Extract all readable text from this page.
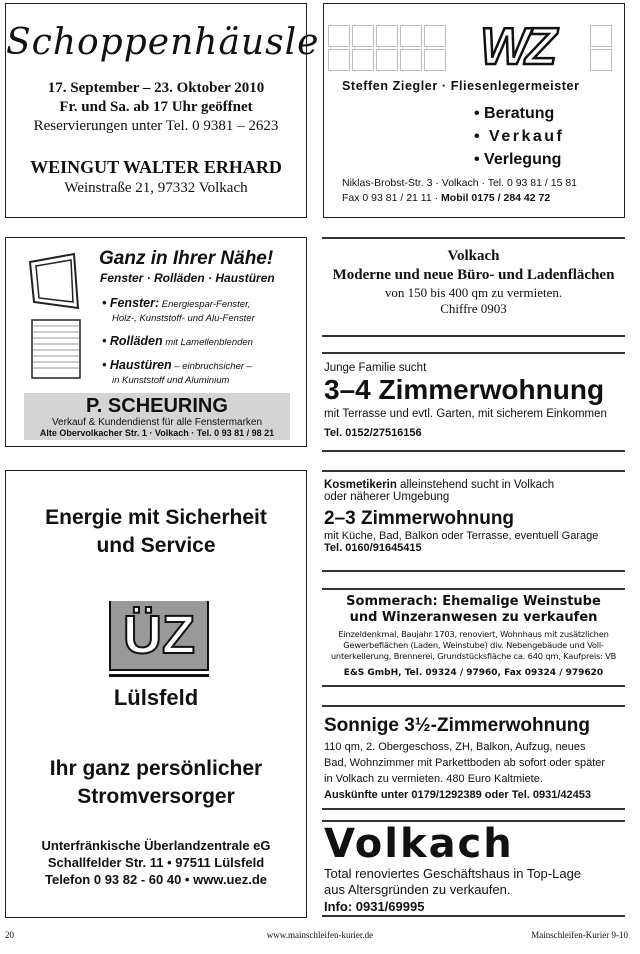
Schoppenhäusle
17. September – 23. Oktober 2010
Fr. und Sa. ab 17 Uhr geöffnet
Reservierungen unter Tel. 0 9381 – 2623
WEINGUT WALTER ERHARD
Weinstraße 21, 97332 Volkach
WZ
Steffen Ziegler · Fliesenlegermeister
• Beratung
• Verkauf
• Verlegung
Niklas-Brobst-Str. 3 · Volkach · Tel. 0 93 81 / 15 81
Fax 0 93 81 / 21 11 · Mobil 0175 / 284 42 72
Ganz in Ihrer Nähe!
Fenster · Rolläden · Haustüren
• Fenster: Energiespar-Fenster,
Holz-, Kunststoff- und Alu-Fenster
• Rolläden mit Lamellenblenden
• Haustüren – einbruchsicher –
in Kunststoff und Aluminium
P. SCHEURING
Verkauf & Kundendienst für alle Fenstermarken
Alte Obervolkacher Str. 1 · Volkach · Tel. 0 93 81 / 98 21
Volkach
Moderne und neue Büro- und Ladenflächen
von 150 bis 400 qm zu vermieten.
Chiffre 0903
Junge Familie sucht
3–4 Zimmerwohnung
mit Terrasse und evtl. Garten, mit sicherem Einkommen
Tel. 0152/27516156
Energie mit Sicherheit
und Service
ÜZ
Lülsfeld
Ihr ganz persönlicher
Stromversorger
Unterfränkische Überlandzentrale eG
Schallfelder Str. 11 • 97511 Lülsfeld
Telefon 0 93 82 - 60 40 • www.uez.de
Kosmetikerin alleinstehend sucht in Volkach
oder näherer Umgebung
2–3 Zimmerwohnung
mit Küche, Bad, Balkon oder Terrasse, eventuell Garage
Tel. 0160/91645415
Sommerach: Ehemalige Weinstube
und Winzeranwesen zu verkaufen
Einzeldenkmal, Baujahr 1703, renoviert, Wohnhaus mit zusätzlichen
Gewerbeflächen (Laden, Weinstube) div. Nebengebäude und Voll-
unterkellerung, Brennerei, Grundstücksfläche ca. 640 qm, Kaufpreis: VB
E&S GmbH, Tel. 09324 / 97960, Fax 09324 / 979620
Sonnige 3½-Zimmerwohnung
110 qm, 2. Obergeschoss, ZH, Balkon, Aufzug, neues
Bad, Wohnzimmer mit Parkettboden ab sofort oder später
in Volkach zu vermieten. 480 Euro Kaltmiete.
Auskünfte unter 0179/1292389 oder Tel. 0931/42453
Volkach
Total renoviertes Geschäftshaus in Top-Lage
aus Altersgründen zu verkaufen.
Info: 0931/69995
20	www.mainschleifen-kurier.de	Mainschleifen-Kurier 9-10
